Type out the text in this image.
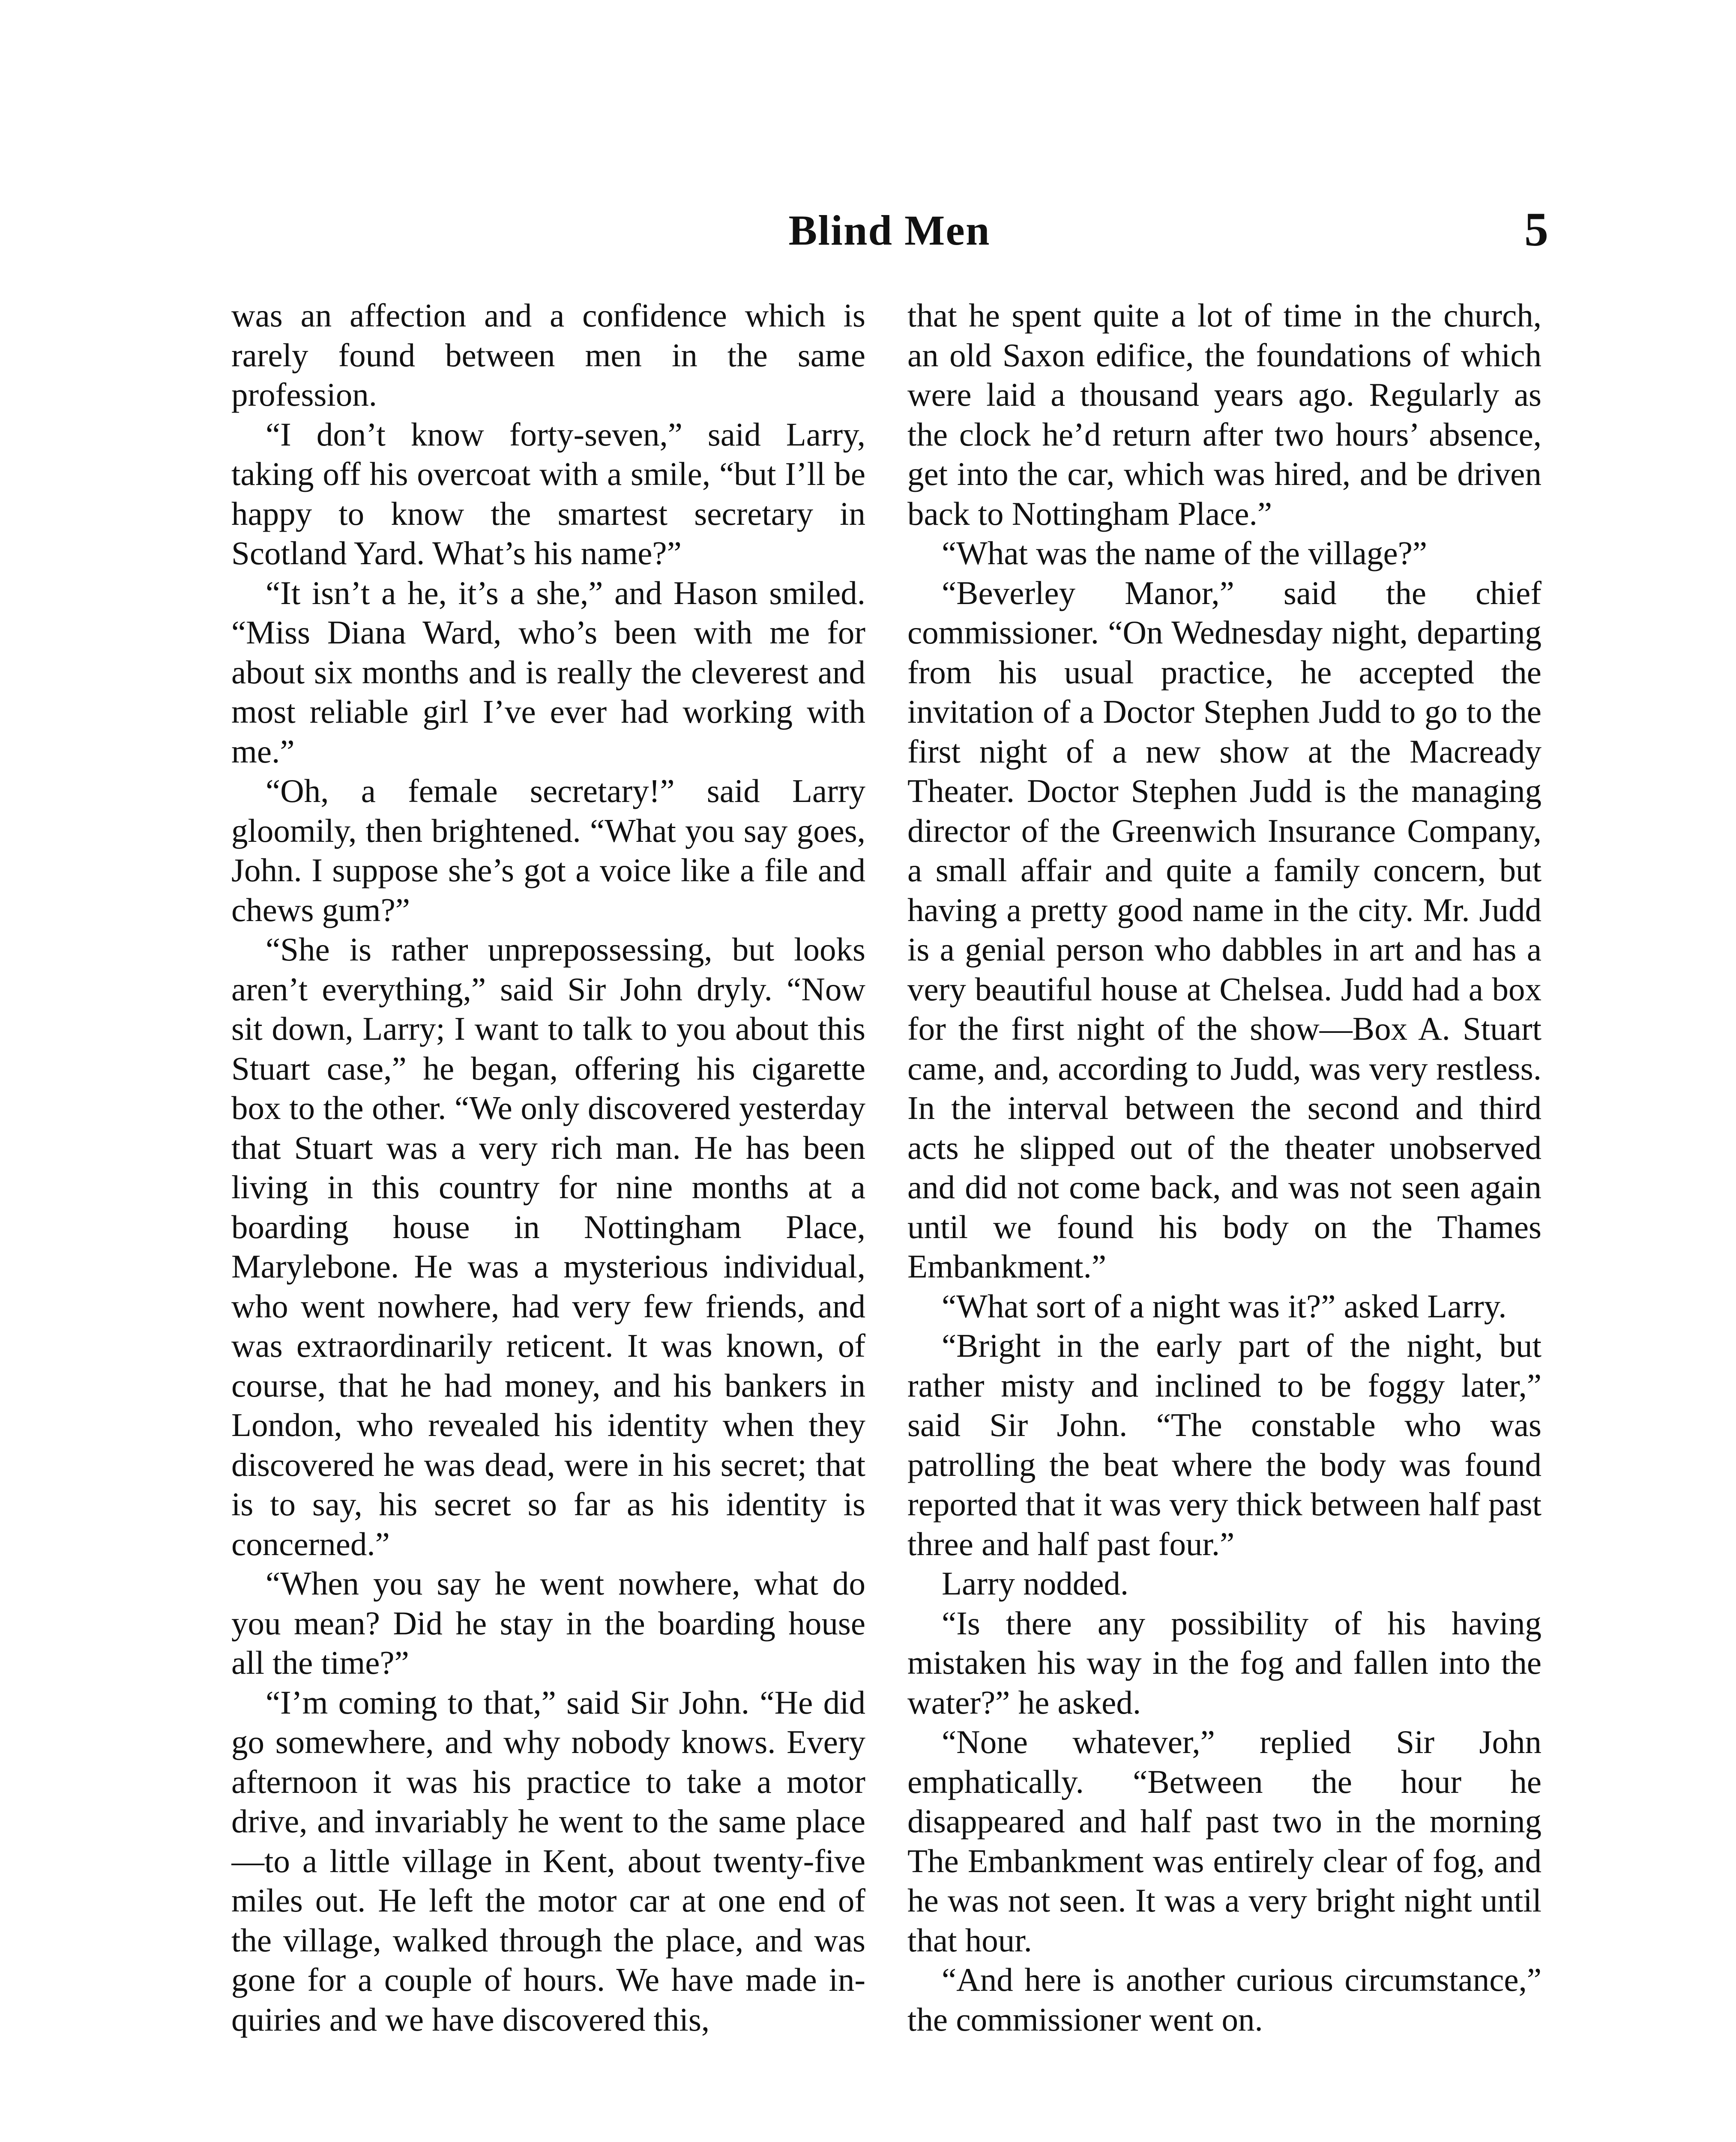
Blind Men	5

was an affection and a confidence which is rarely found between men in the same profession.

“I don’t know forty-seven,” said Larry, taking off his overcoat with a smile, “but I’ll be happy to know the smartest secretary in Scotland Yard. What’s his name?”

“It isn’t a he, it’s a she,” and Hason smiled. “Miss Diana Ward, who’s been with me for about six months and is really the cleverest and most reliable girl I’ve ever had working with me.”

“Oh, a female secretary!” said Larry gloomily, then brightened. “What you say goes, John. I suppose she’s got a voice like a file and chews gum?”

“She is rather unprepossessing, but looks aren’t everything,” said Sir John dryly. “Now sit down, Larry; I want to talk to you about this Stuart case,” he began, offering his cigarette box to the other. “We only discovered yesterday that Stuart was a very rich man. He has been living in this country for nine months at a boarding house in Nottingham Place, Marylebone. He was a mysterious individual, who went nowhere, had very few friends, and was extraordinarily reticent. It was known, of course, that he had money, and his bankers in London, who revealed his identity when they discovered he was dead, were in his secret; that is to say, his secret so far as his identity is concerned.”

“When you say he went nowhere, what do you mean? Did he stay in the boarding house all the time?”

“I’m coming to that,” said Sir John. “He did go somewhere, and why nobody knows. Every afternoon it was his practice to take a motor drive, and invariably he went to the same place —to a little village in Kent, about twenty-five miles out. He left the motor car at one end of the village, walked through the place, and was gone for a couple of hours. We have made inquiries and we have discovered this,

that he spent quite a lot of time in the church, an old Saxon edifice, the foundations of which were laid a thousand years ago. Regularly as the clock he’d return after two hours’ absence, get into the car, which was hired, and be driven back to Nottingham Place.”

“What was the name of the village?”

“Beverley Manor,” said the chief commissioner. “On Wednesday night, departing from his usual practice, he accepted the invitation of a Doctor Stephen Judd to go to the first night of a new show at the Macready Theater. Doctor Stephen Judd is the managing director of the Greenwich Insurance Company, a small affair and quite a family concern, but having a pretty good name in the city. Mr. Judd is a genial person who dabbles in art and has a very beautiful house at Chelsea. Judd had a box for the first night of the show—Box A. Stuart came, and, according to Judd, was very restless. In the interval between the second and third acts he slipped out of the theater unobserved and did not come back, and was not seen again until we found his body on the Thames Embankment.”

“What sort of a night was it?” asked Larry.

“Bright in the early part of the night, but rather misty and inclined to be foggy later,” said Sir John. “The constable who was patrolling the beat where the body was found reported that it was very thick between half past three and half past four.”

Larry nodded.

“Is there any possibility of his having mistaken his way in the fog and fallen into the water?” he asked.

“None whatever,” replied Sir John emphatically. “Between the hour he disappeared and half past two in the morning The Embankment was entirely clear of fog, and he was not seen. It was a very bright night until that hour.

“And here is another curious circumstance,” the commissioner went on.
